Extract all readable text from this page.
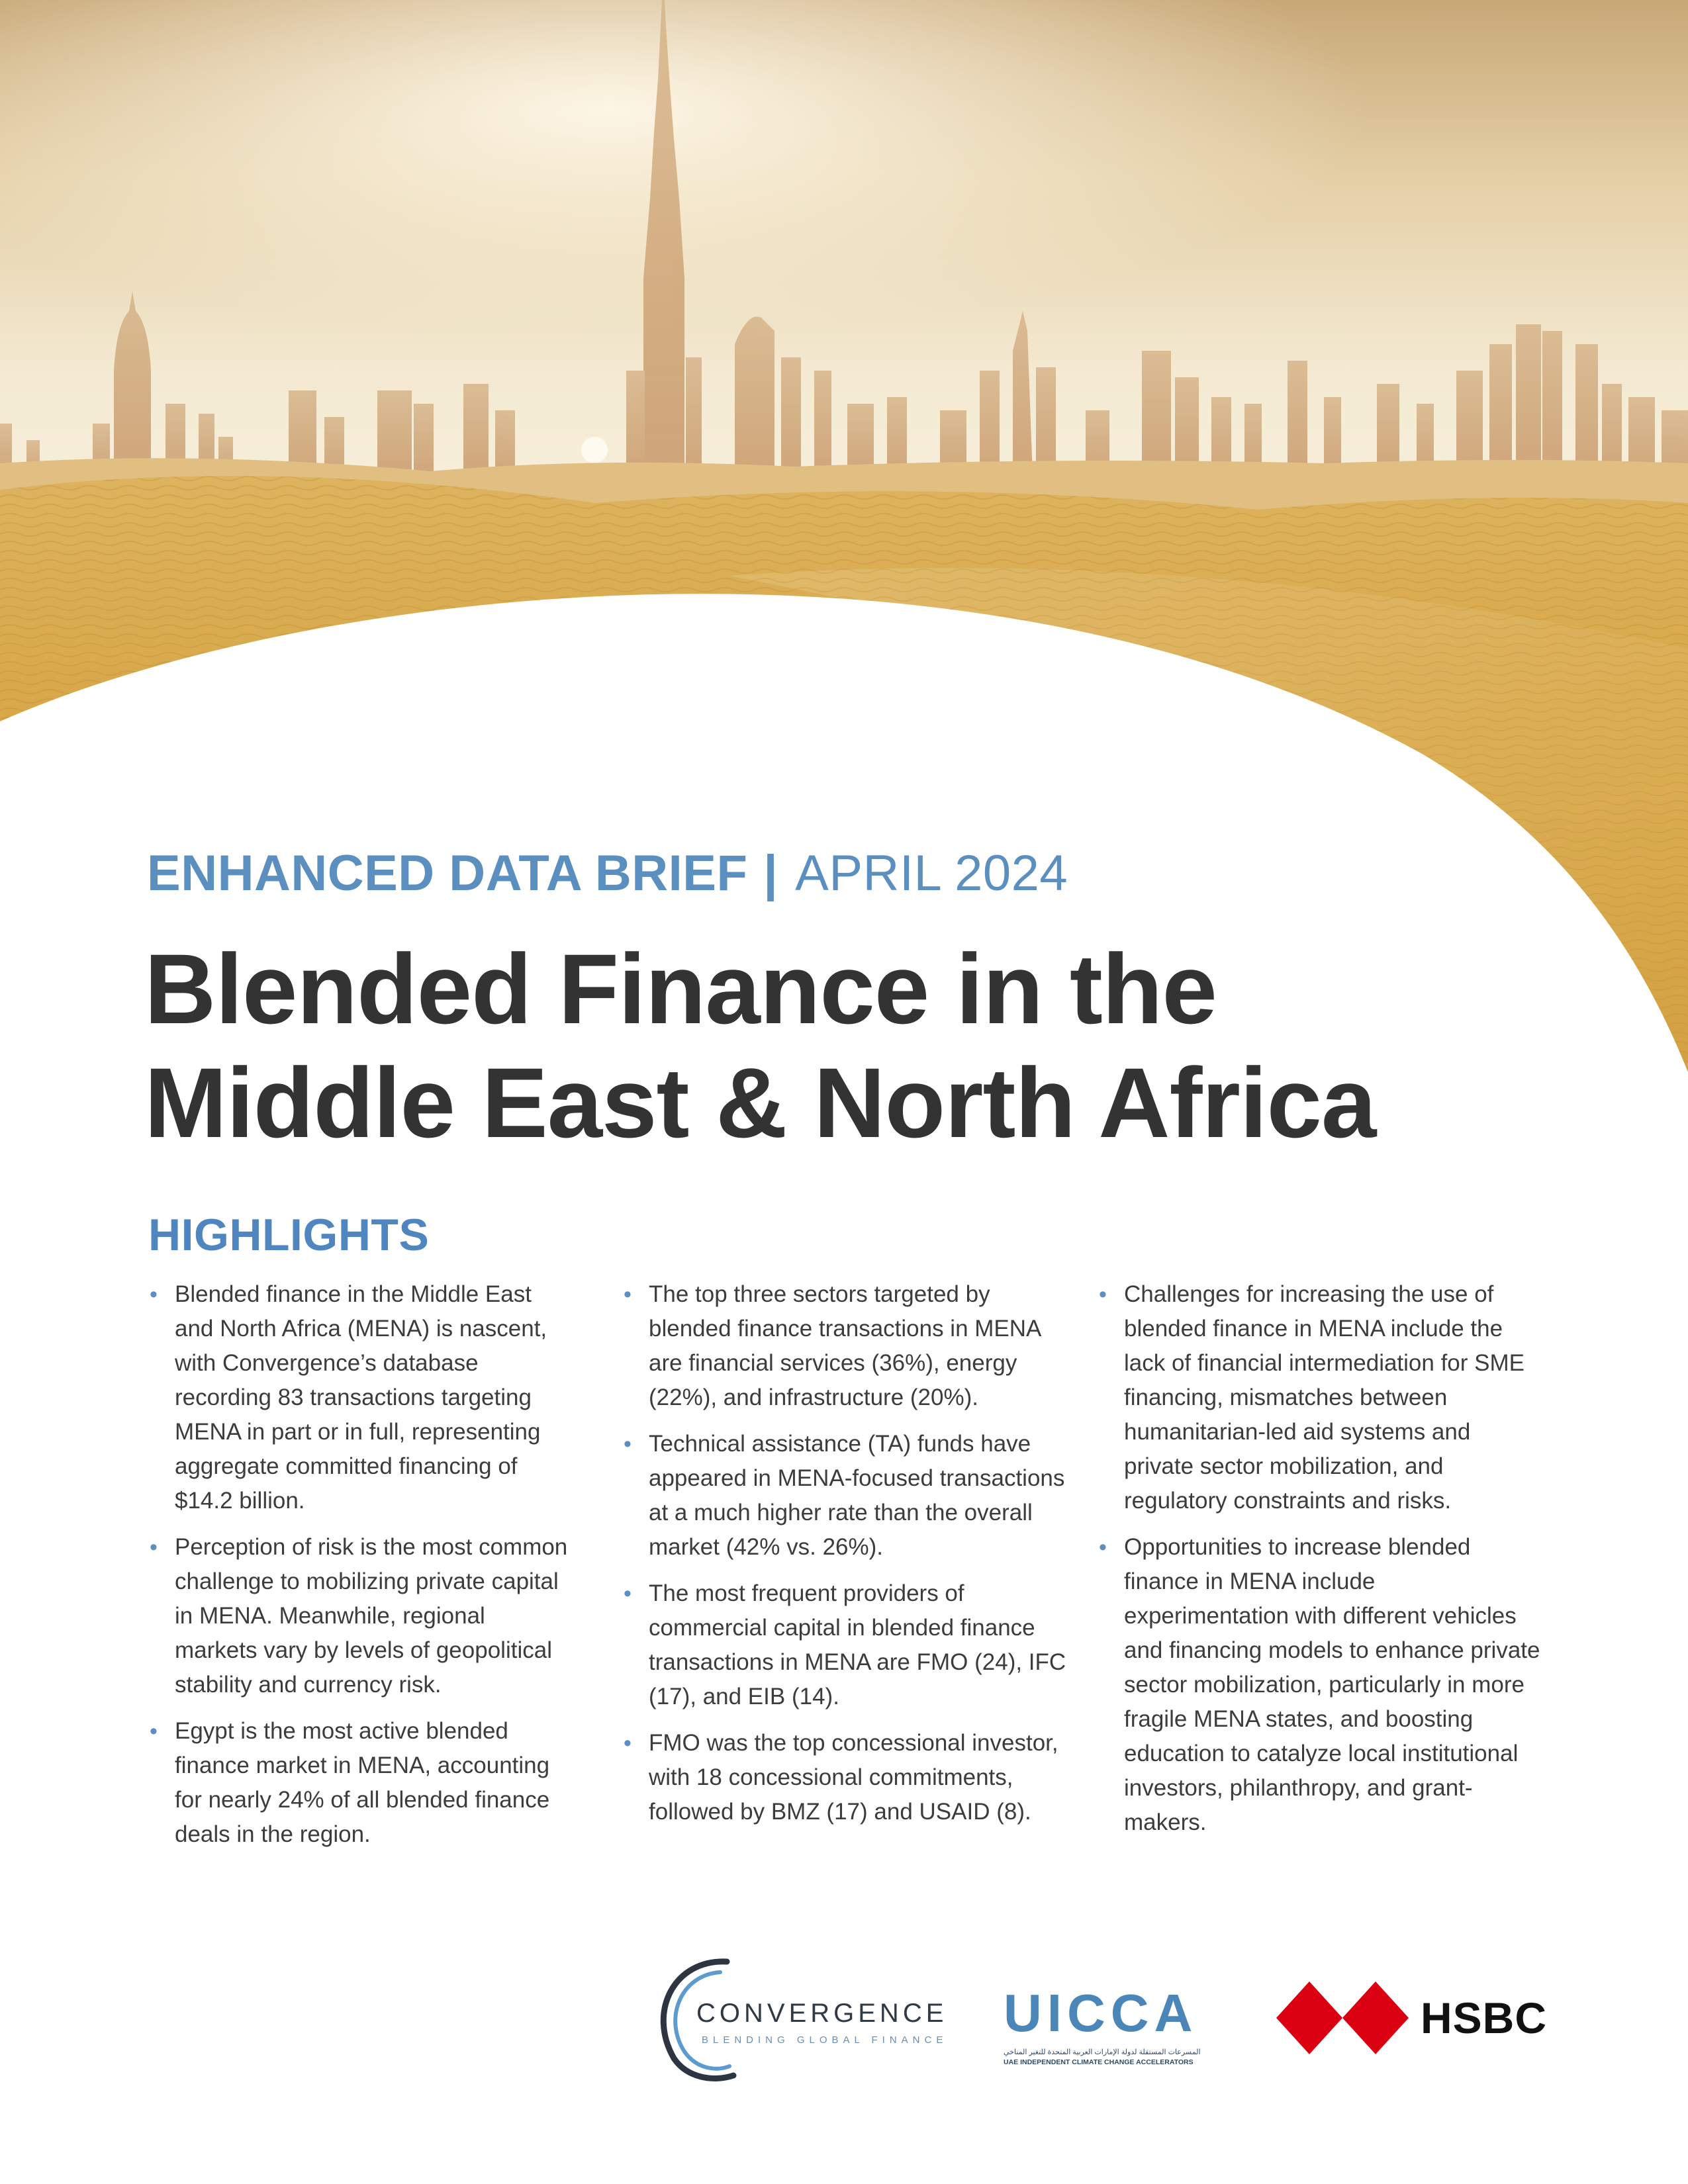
ENHANCED DATA BRIEF | APRIL 2024
Blended Finance in the
Middle East & North Africa
HIGHLIGHTS
• Blended finance in the Middle East and North Africa (MENA) is nascent, with Convergence’s database recording 83 transactions targeting MENA in part or in full, representing aggregate committed financing of $14.2 billion.
• Perception of risk is the most common challenge to mobilizing private capital in MENA. Meanwhile, regional markets vary by levels of geopolitical stability and currency risk.
• Egypt is the most active blended finance market in MENA, accounting for nearly 24% of all blended finance deals in the region.
• The top three sectors targeted by blended finance transactions in MENA are financial services (36%), energy (22%), and infrastructure (20%).
• Technical assistance (TA) funds have appeared in MENA-focused transactions at a much higher rate than the overall market (42% vs. 26%).
• The most frequent providers of commercial capital in blended finance transactions in MENA are FMO (24), IFC (17), and EIB (14).
• FMO was the top concessional investor, with 18 concessional commitments, followed by BMZ (17) and USAID (8).
• Challenges for increasing the use of blended finance in MENA include the lack of financial intermediation for SME financing, mismatches between humanitarian-led aid systems and private sector mobilization, and regulatory constraints and risks.
• Opportunities to increase blended finance in MENA include experimentation with different vehicles and financing models to enhance private sector mobilization, particularly in more fragile MENA states, and boosting education to catalyze local institutional investors, philanthropy, and grant-makers.
CONVERGENCE
BLENDING GLOBAL FINANCE UICCA
المسرعات المستقلة لدولة الإمارات العربية المتحدة للتغير المناخي
UAE INDEPENDENT CLIMATE CHANGE ACCELERATORS
HSBC
